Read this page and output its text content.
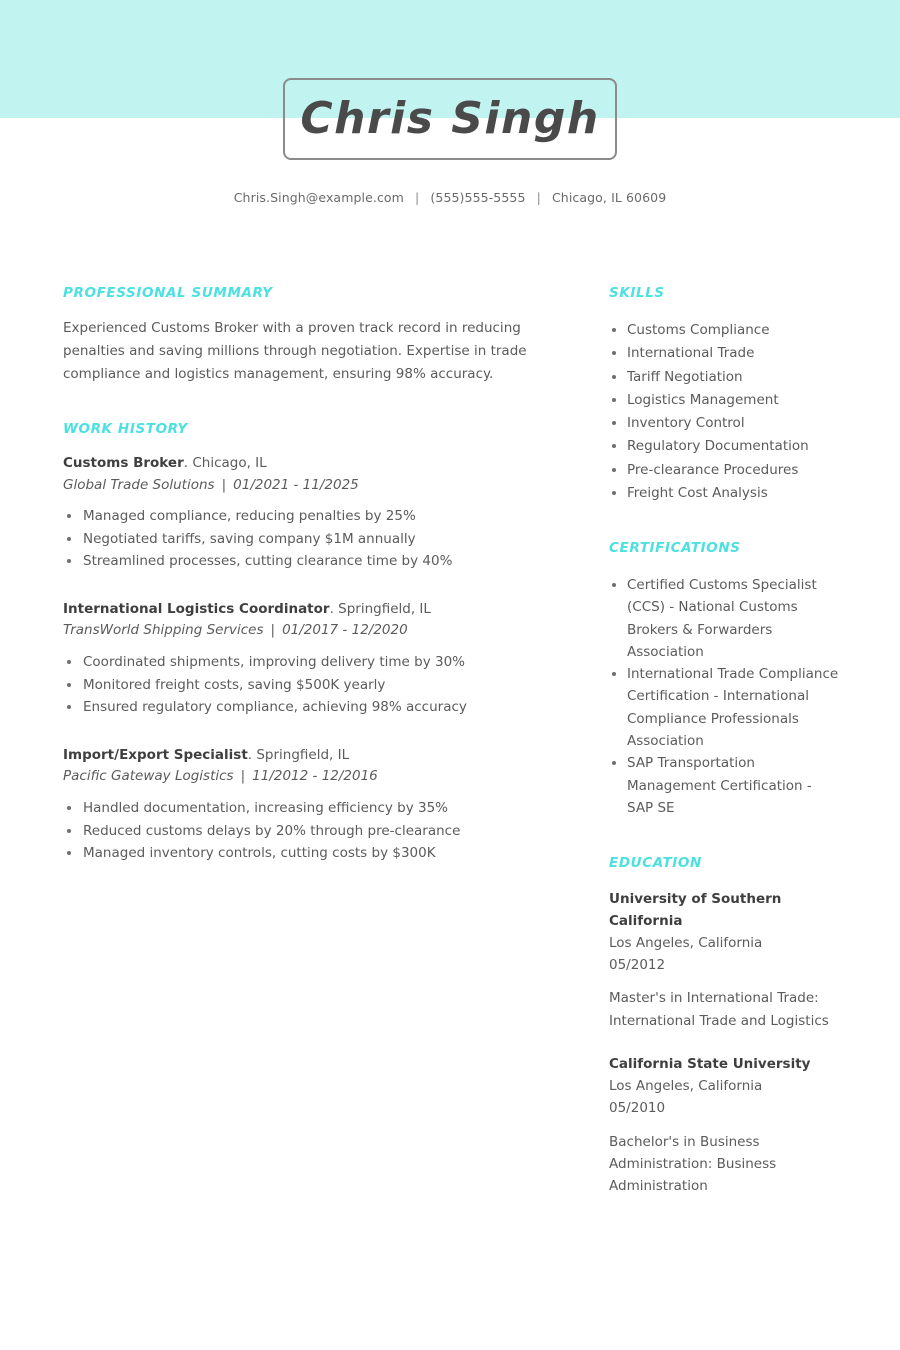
Chris Singh
Chris.Singh@example.com | (555)555-5555 | Chicago, IL 60609
PROFESSIONAL SUMMARY

Experienced Customs Broker with a proven track record in reducing penalties and saving millions through negotiation. Expertise in trade compliance and logistics management, ensuring 98% accuracy.

WORK HISTORY
Customs Broker. Chicago, IL
Global Trade Solutions | 01/2021 - 11/2025
Managed compliance, reducing penalties by 25%
Negotiated tariffs, saving company $1M annually
Streamlined processes, cutting clearance time by 40%
International Logistics Coordinator. Springfield, IL
TransWorld Shipping Services | 01/2017 - 12/2020
Coordinated shipments, improving delivery time by 30%
Monitored freight costs, saving $500K yearly
Ensured regulatory compliance, achieving 98% accuracy
Import/Export Specialist. Springfield, IL
Pacific Gateway Logistics | 11/2012 - 12/2016
Handled documentation, increasing efficiency by 35%
Reduced customs delays by 20% through pre-clearance
Managed inventory controls, cutting costs by $300K
SKILLS
Customs Compliance
International Trade
Tariff Negotiation
Logistics Management
Inventory Control
Regulatory Documentation
Pre-clearance Procedures
Freight Cost Analysis
CERTIFICATIONS
Certified Customs Specialist (CCS) - National Customs Brokers & Forwarders Association
International Trade Compliance Certification - International Compliance Professionals Association
SAP Transportation Management Certification - SAP SE
EDUCATION
University of Southern California
Los Angeles, California
05/2012
Master's in International Trade: International Trade and Logistics
California State University
Los Angeles, California
05/2010
Bachelor's in Business Administration: Business Administration
